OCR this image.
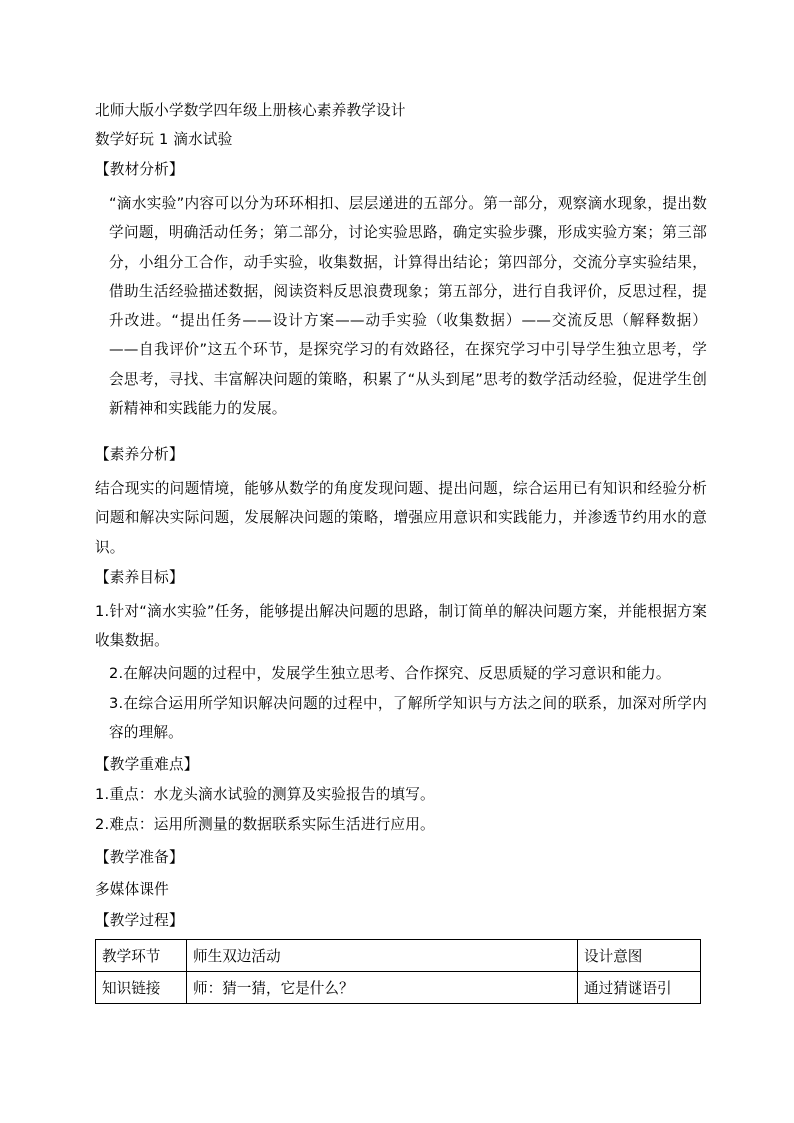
北师大版小学数学四年级上册核心素养教学设计
数学好玩 1 滴水试验
【教材分析】
“滴水实验”内容可以分为环环相扣、层层递进的五部分。第一部分，观察滴水现象，提出数学问题，明确活动任务；第二部分，讨论实验思路，确定实验步骤，形成实验方案；第三部分，小组分工合作，动手实验，收集数据，计算得出结论；第四部分，交流分享实验结果，借助生活经验描述数据，阅读资料反思浪费现象；第五部分，进行自我评价，反思过程，提升改进。“提出任务——设计方案——动手实验（收集数据）——交流反思（解释数据）——自我评价”这五个环节，是探究学习的有效路径，在探究学习中引导学生独立思考，学会思考，寻找、丰富解决问题的策略，积累了“从头到尾”思考的数学活动经验，促进学生创新精神和实践能力的发展。
【素养分析】
结合现实的问题情境，能够从数学的角度发现问题、提出问题，综合运用已有知识和经验分析问题和解决实际问题，发展解决问题的策略，增强应用意识和实践能力，并渗透节约用水的意识。
【素养目标】
1.针对“滴水实验”任务，能够提出解决问题的思路，制订简单的解决问题方案，并能根据方案收集数据。
2.在解决问题的过程中，发展学生独立思考、合作探究、反思质疑的学习意识和能力。
3.在综合运用所学知识解决问题的过程中，了解所学知识与方法之间的联系，加深对所学内容的理解。
【教学重难点】
1.重点：水龙头滴水试验的测算及实验报告的填写。
2.难点：运用所测量的数据联系实际生活进行应用。
【教学准备】
多媒体课件
【教学过程】
教学环节	师生双边活动	设计意图
知识链接	师：猜一猜，它是什么？	通过猜谜语引
